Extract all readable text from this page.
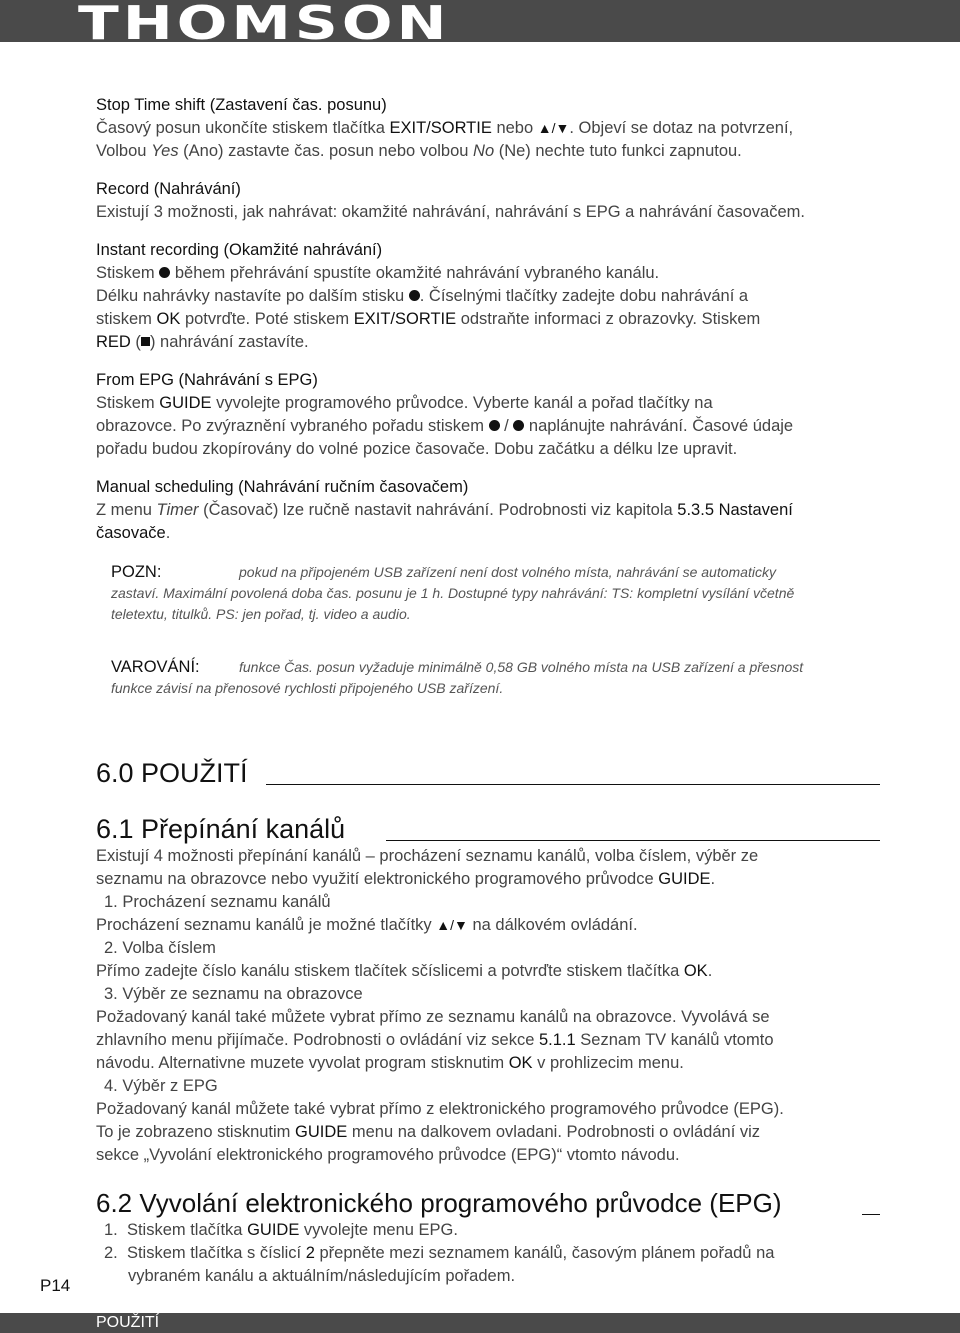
THOMSON

Stop Time shift (Zastavení čas. posunu)

Časový posun ukončíte stiskem tlačítka EXIT/SORTIE nebo ▲/▼. Objeví se dotaz na potvrzení,
Volbou Yes (Ano) zastavte čas. posun nebo volbou No (Ne) nechte tuto funkci zapnutou.

Record (Nahrávání)

Existují 3 možnosti, jak nahrávat: okamžité nahrávání, nahrávání s EPG a nahrávání časovačem.

Instant recording (Okamžité nahrávání)

Stiskem  během přehrávání spustíte okamžité nahrávání vybraného kanálu.
Délku nahrávky nastavíte po dalším stisku . Číselnými tlačítky zadejte dobu nahrávání a
stiskem OK potvrďte. Poté stiskem EXIT/SORTIE odstraňte informaci z obrazovky. Stiskem
RED ( ) nahrávání zastavíte.

From EPG (Nahrávání s EPG)

Stiskem GUIDE vyvolejte programového průvodce. Vyberte kanál a pořad tlačítky na
obrazovce. Po zvýraznění vybraného pořadu stiskem  /  naplánujte nahrávání. Časové údaje
pořadu budou zkopírovány do volné pozice časovače. Dobu začátku a délku lze upravit.

Manual scheduling (Nahrávání ručním časovačem)

Z menu Timer (Časovač) lze ručně nastavit nahrávání. Podrobnosti viz kapitola 5.3.5 Nastavení
časovače.

POZN:	pokud na připojeném USB zařízení není dost volného místa, nahrávání se automaticky
zastaví. Maximální povolená doba čas. posunu je 1 h. Dostupné typy nahrávání: TS: kompletní vysílání včetně
teletextu, titulků. PS: jen pořad, tj. video a audio.

VAROVÁNÍ:	funkce Čas. posun vyžaduje minimálně 0,58 GB volného místa na USB zařízení a přesnost
funkce závisí na přenosové rychlosti připojeného USB zařízení.

6.0 POUŽITÍ
6.1 Přepínání kanálů

Existují 4 možnosti přepínání kanálů – procházení seznamu kanálů, volba číslem, výběr ze
seznamu na obrazovce nebo využití elektronického programového průvodce GUIDE.

1. Procházení seznamu kanálů

Procházení seznamu kanálů je možné tlačítky ▲/▼ na dálkovém ovládání.

2. Volba číslem

Přímo zadejte číslo kanálu stiskem tlačítek sčíslicemi a potvrďte stiskem tlačítka OK.

3. Výběr ze seznamu na obrazovce

Požadovaný kanál také můžete vybrat přímo ze seznamu kanálů na obrazovce. Vyvolává se
zhlavního menu přijímače. Podrobnosti o ovládání viz sekce 5.1.1 Seznam TV kanálů vtomto
návodu. Alternativne muzete vyvolat program stisknutim OK v prohlizecim menu.

4. Výběr z EPG

Požadovaný kanál můžete také vybrat přímo z elektronického programového průvodce (EPG).
To je zobrazeno stisknutim GUIDE menu na dalkovem ovladani. Podrobnosti o ovládání viz
sekce „Vyvolání elektronického programového průvodce (EPG)“ vtomto návodu.

6.2 Vyvolání elektronického programového průvodce (EPG)

1. Stiskem tlačítka GUIDE vyvolejte menu EPG.

2. Stiskem tlačítka s číslicí 2 přepněte mezi seznamem kanálů, časovým plánem pořadů na
vybraném kanálu a aktuálním/následujícím pořadem.

P14
POUŽITÍ
